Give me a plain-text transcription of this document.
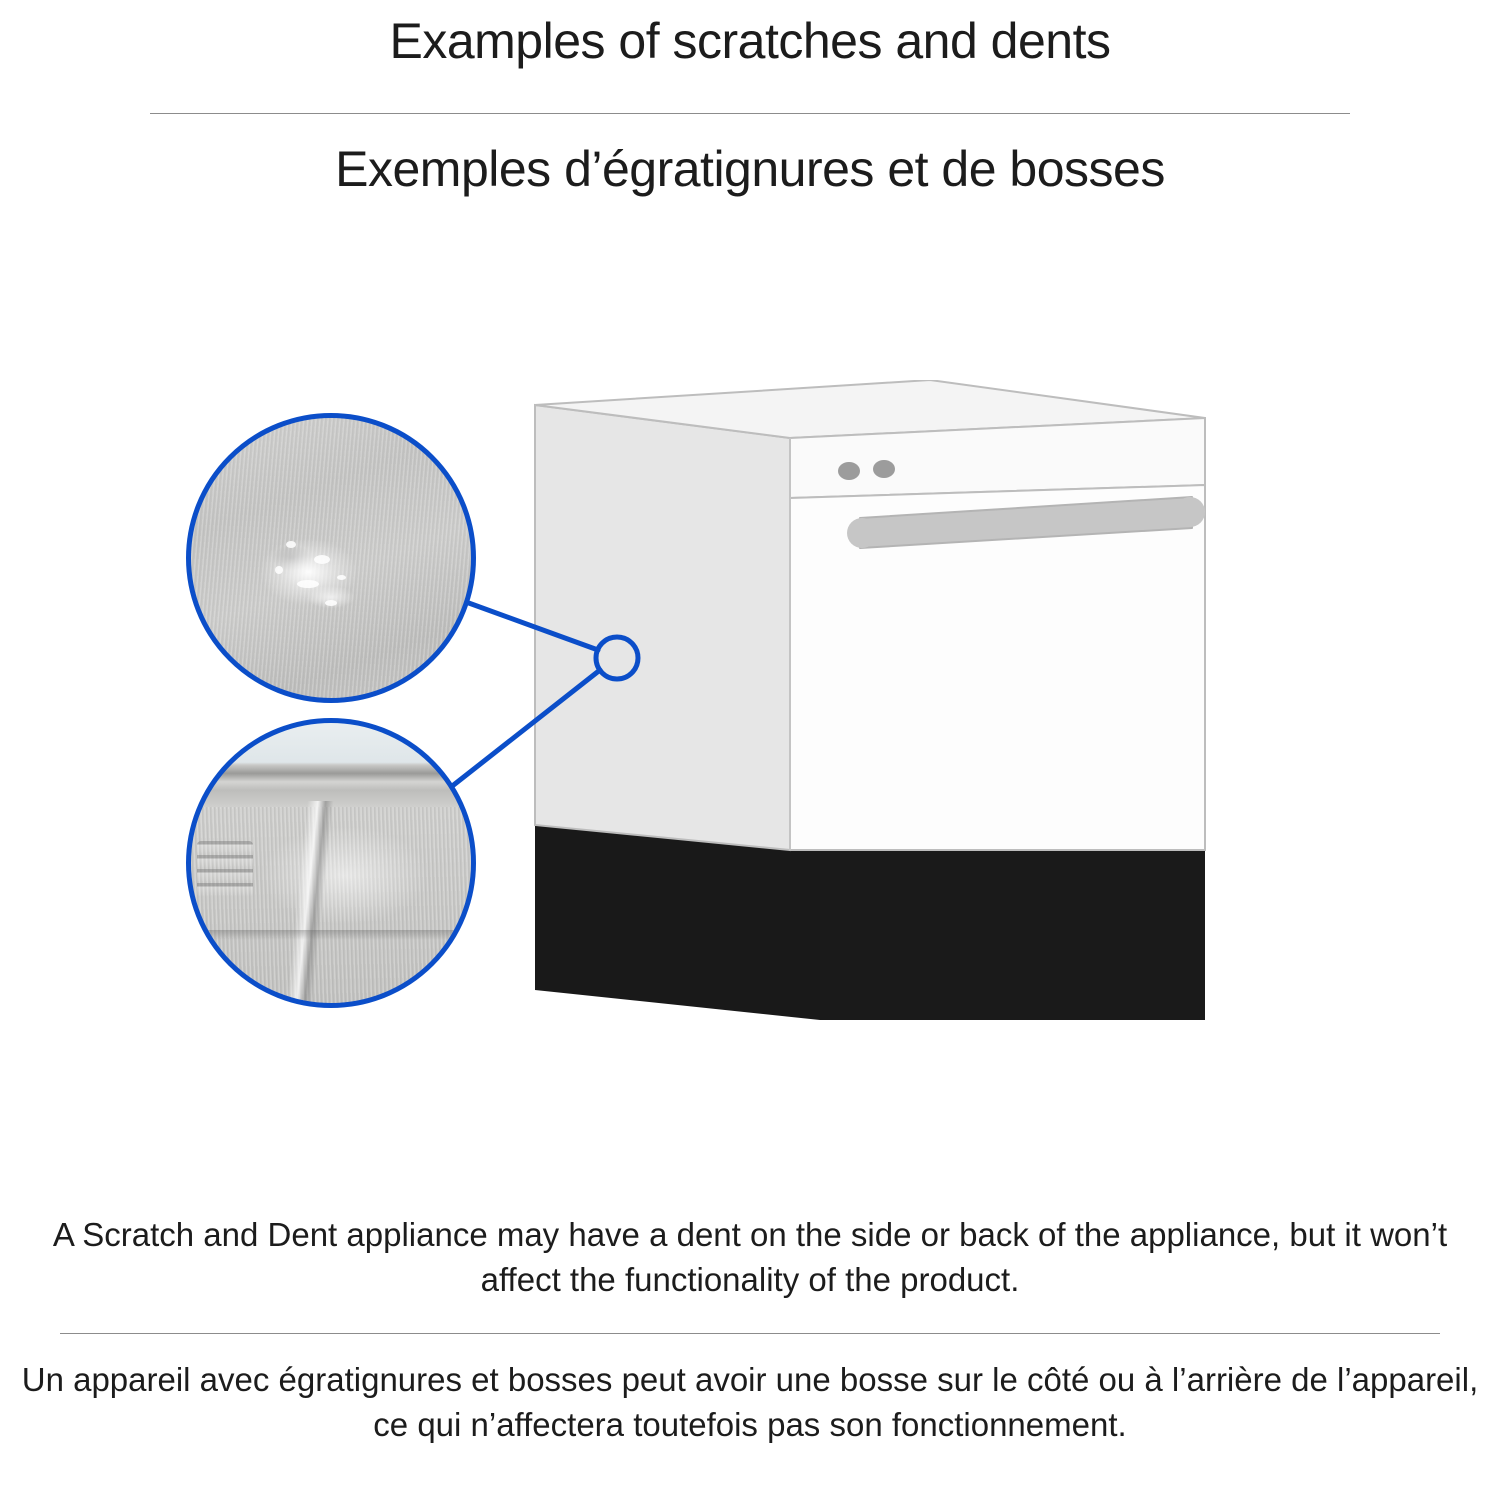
Examples of scratches and dents
Exemples d’égratignures et de bosses
A Scratch and Dent appliance may have a dent on the side or back of the appliance, but it won’t affect the functionality of the product.
Un appareil avec égratignures et bosses peut avoir une bosse sur le côté ou à l’arrière de l’appareil, ce qui n’affectera toutefois pas son fonctionnement.
